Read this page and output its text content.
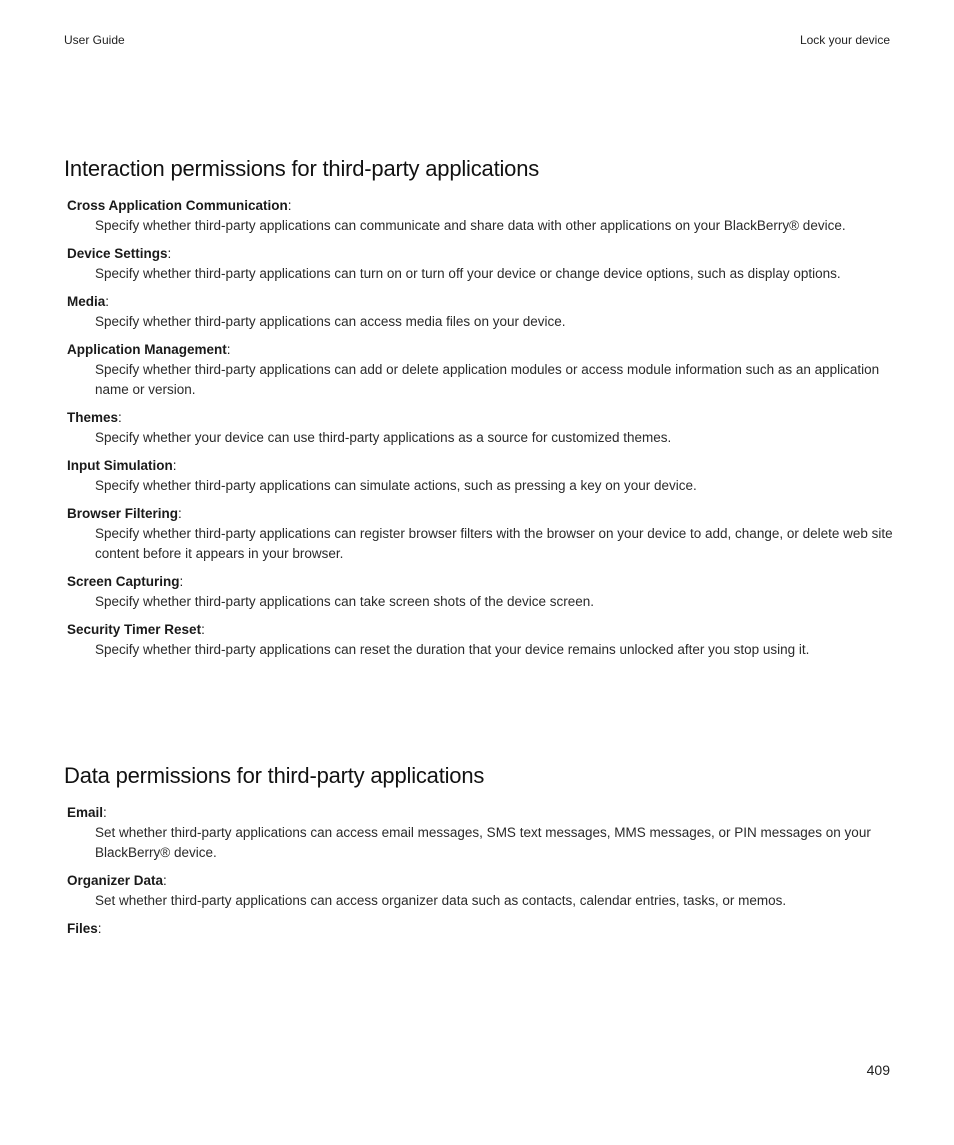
User Guide	Lock your device
Interaction permissions for third-party applications
Cross Application Communication:
Specify whether third-party applications can communicate and share data with other applications on your BlackBerry® device.
Device Settings:
Specify whether third-party applications can turn on or turn off your device or change device options, such as display options.
Media:
Specify whether third-party applications can access media files on your device.
Application Management:
Specify whether third-party applications can add or delete application modules or access module information such as an application name or version.
Themes:
Specify whether your device can use third-party applications as a source for customized themes.
Input Simulation:
Specify whether third-party applications can simulate actions, such as pressing a key on your device.
Browser Filtering:
Specify whether third-party applications can register browser filters with the browser on your device to add, change, or delete web site content before it appears in your browser.
Screen Capturing:
Specify whether third-party applications can take screen shots of the device screen.
Security Timer Reset:
Specify whether third-party applications can reset the duration that your device remains unlocked after you stop using it.
Data permissions for third-party applications
Email:
Set whether third-party applications can access email messages, SMS text messages, MMS messages, or PIN messages on your BlackBerry® device.
Organizer Data:
Set whether third-party applications can access organizer data such as contacts, calendar entries, tasks, or memos.
Files:
409
